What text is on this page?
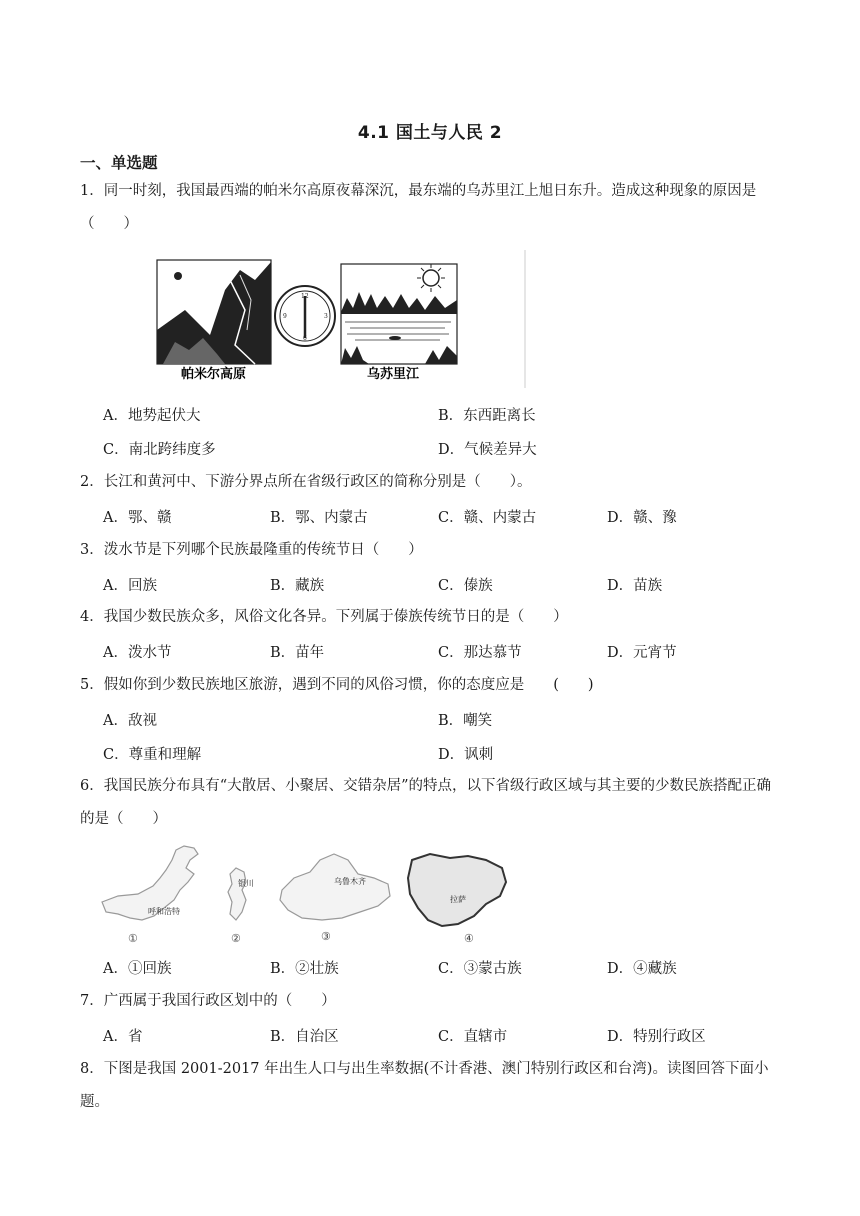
4.1 国土与人民 2
一、单选题
1．同一时刻，我国最西端的帕米尔高原夜幕深沉，最东端的乌苏里江上旭日东升。造成这种现象的原因是（　　）
帕米尔高原
12
6
3
9
乌苏里江
A．地势起伏大	B．东西距离长
C．南北跨纬度多	D．气候差异大
2．长江和黄河中、下游分界点所在省级行政区的简称分别是（　　）。
A．鄂、赣	B．鄂、内蒙古	C．赣、内蒙古	D．赣、豫
3．泼水节是下列哪个民族最隆重的传统节日（　　）
A．回族	B．藏族	C．傣族	D．苗族
4．我国少数民族众多，风俗文化各异。下列属于傣族传统节日的是（　　）
A．泼水节	B．苗年	C．那达慕节	D．元宵节
5．假如你到少数民族地区旅游，遇到不同的风俗习惯，你的态度应是　　(　　)
A．敌视	B．嘲笑
C．尊重和理解	D．讽刺
6．我国民族分布具有“大散居、小聚居、交错杂居”的特点，以下省级行政区域与其主要的少数民族搭配正确的是（　　）
呼和浩特
①
银川
②
乌鲁木齐
③
拉萨
④
A．①回族	B．②壮族	C．③蒙古族	D．④藏族
7．广西属于我国行政区划中的（　　）
A．省	B．自治区	C．直辖市	D．特别行政区
8．下图是我国 2001-2017 年出生人口与出生率数据(不计香港、澳门特别行政区和台湾)。读图回答下面小题。
